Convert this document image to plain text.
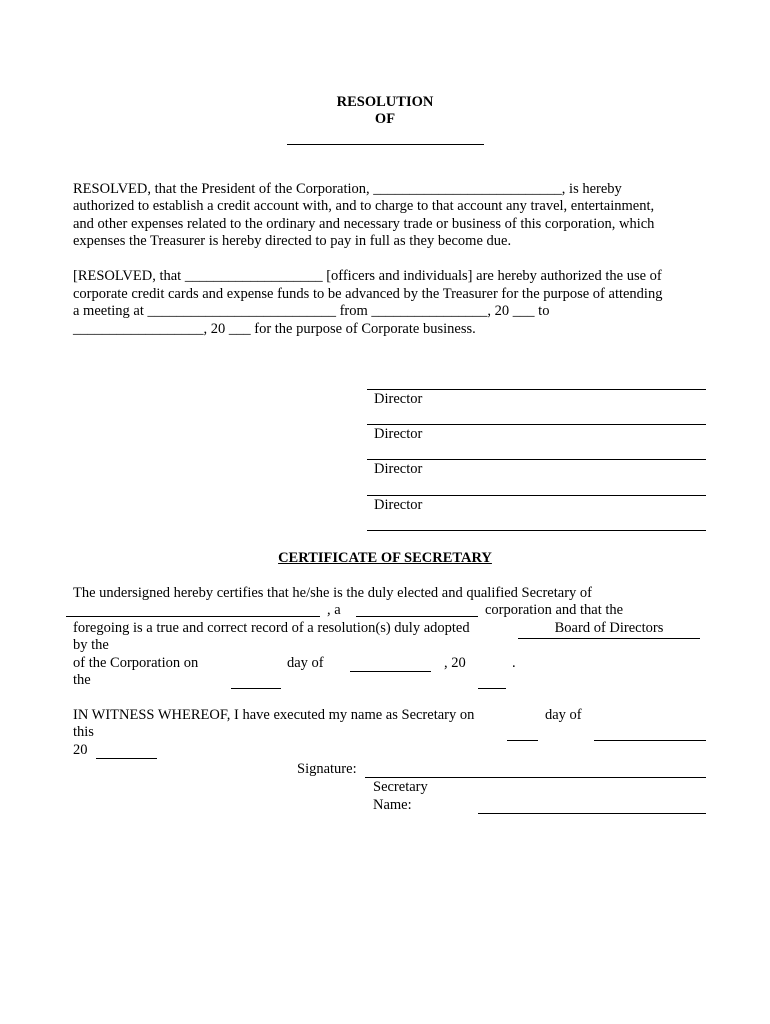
RESOLUTION
OF
RESOLVED, that the President of the Corporation, __________________________, is hereby
authorized to establish a credit account with, and to charge to that account any travel, entertainment,
and other expenses related to the ordinary and necessary trade or business of this corporation, which
expenses the Treasurer is hereby directed to pay in full as they become due.
[RESOLVED, that ___________________ [officers and individuals] are hereby authorized the use of
corporate credit cards and expense funds to be advanced by the Treasurer for the purpose of attending
a meeting at __________________________ from ________________, 20 ___ to
__________________, 20 ___ for the purpose of Corporate business.
Director
Director
Director
Director
CERTIFICATE OF SECRETARY
The undersigned hereby certifies that he/she is the duly elected and qualified Secretary of
, a	corporation and that the
foregoing is a true and correct record of a resolution(s) duly adopted	Board of Directors
by the
of the Corporation on	day of	, 20	.
the
IN WITNESS WHEREOF, I have executed my name as Secretary on	day of
this
20
Signature:
Secretary
Name:
